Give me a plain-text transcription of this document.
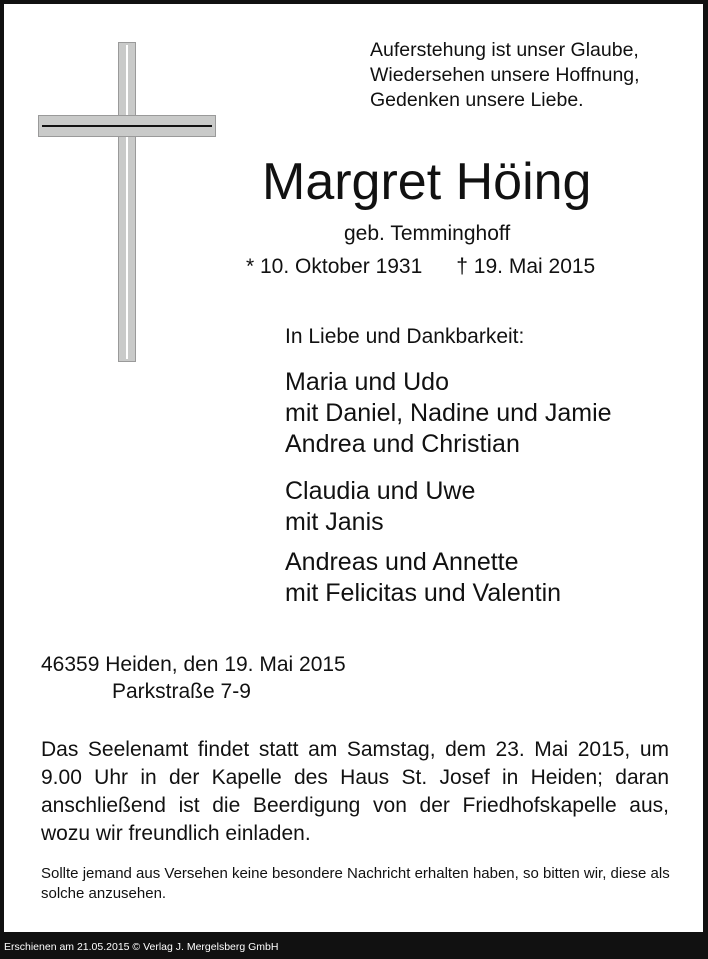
Auferstehung ist unser Glaube,
Wiedersehen unsere Hoffnung,
Gedenken unsere Liebe.
Margret Höing
geb. Temminghoff
* 10. Oktober 1931 † 19. Mai 2015
In Liebe und Dankbarkeit:
Maria und Udo
mit Daniel, Nadine und Jamie
Andrea und Christian
Claudia und Uwe
mit Janis
Andreas und Annette
mit Felicitas und Valentin
46359 Heiden, den 19. Mai 2015
Parkstraße 7-9
Das Seelenamt findet statt am Samstag, dem 23. Mai 2015, um 9.00 Uhr in der Kapelle des Haus St. Josef in Heiden; daran anschließend ist die Beerdigung von der Friedhofskapelle aus, wozu wir freundlich einladen.
Sollte jemand aus Versehen keine besondere Nachricht erhalten haben, so bitten wir, diese als solche anzusehen.
Erschienen am 21.05.2015 © Verlag J. Mergelsberg GmbH
